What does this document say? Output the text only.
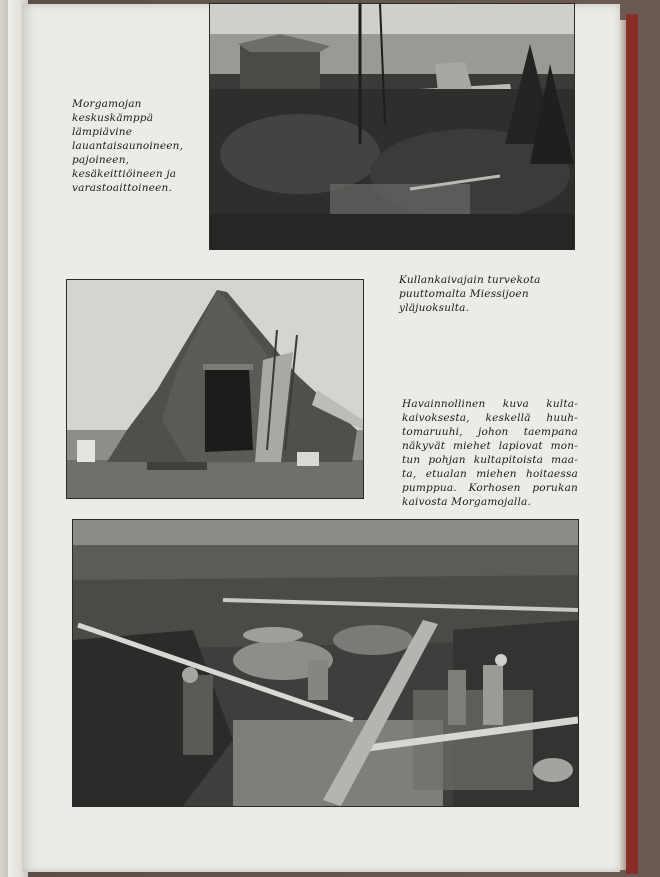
Morgamojan
keskuskämppä
lämpiävine
lauantaisaunoineen,
pajoineen,
kesäkeittiöineen ja
varastoaittoineen.

Kullankaivajain turvekota
puuttomalta Miessijoen
yläjuoksulta.

Havainnollinen kuva kulta-
kaivoksesta, keskellä huuh-
tomaruuhi, johon taempana
näkyvät miehet lapiovat mon-
tun pohjan kultapitoista maa-
ta, etualan miehen hoitaessa
pumppua. Korhosen porukan
kaivosta Morgamojalla.
